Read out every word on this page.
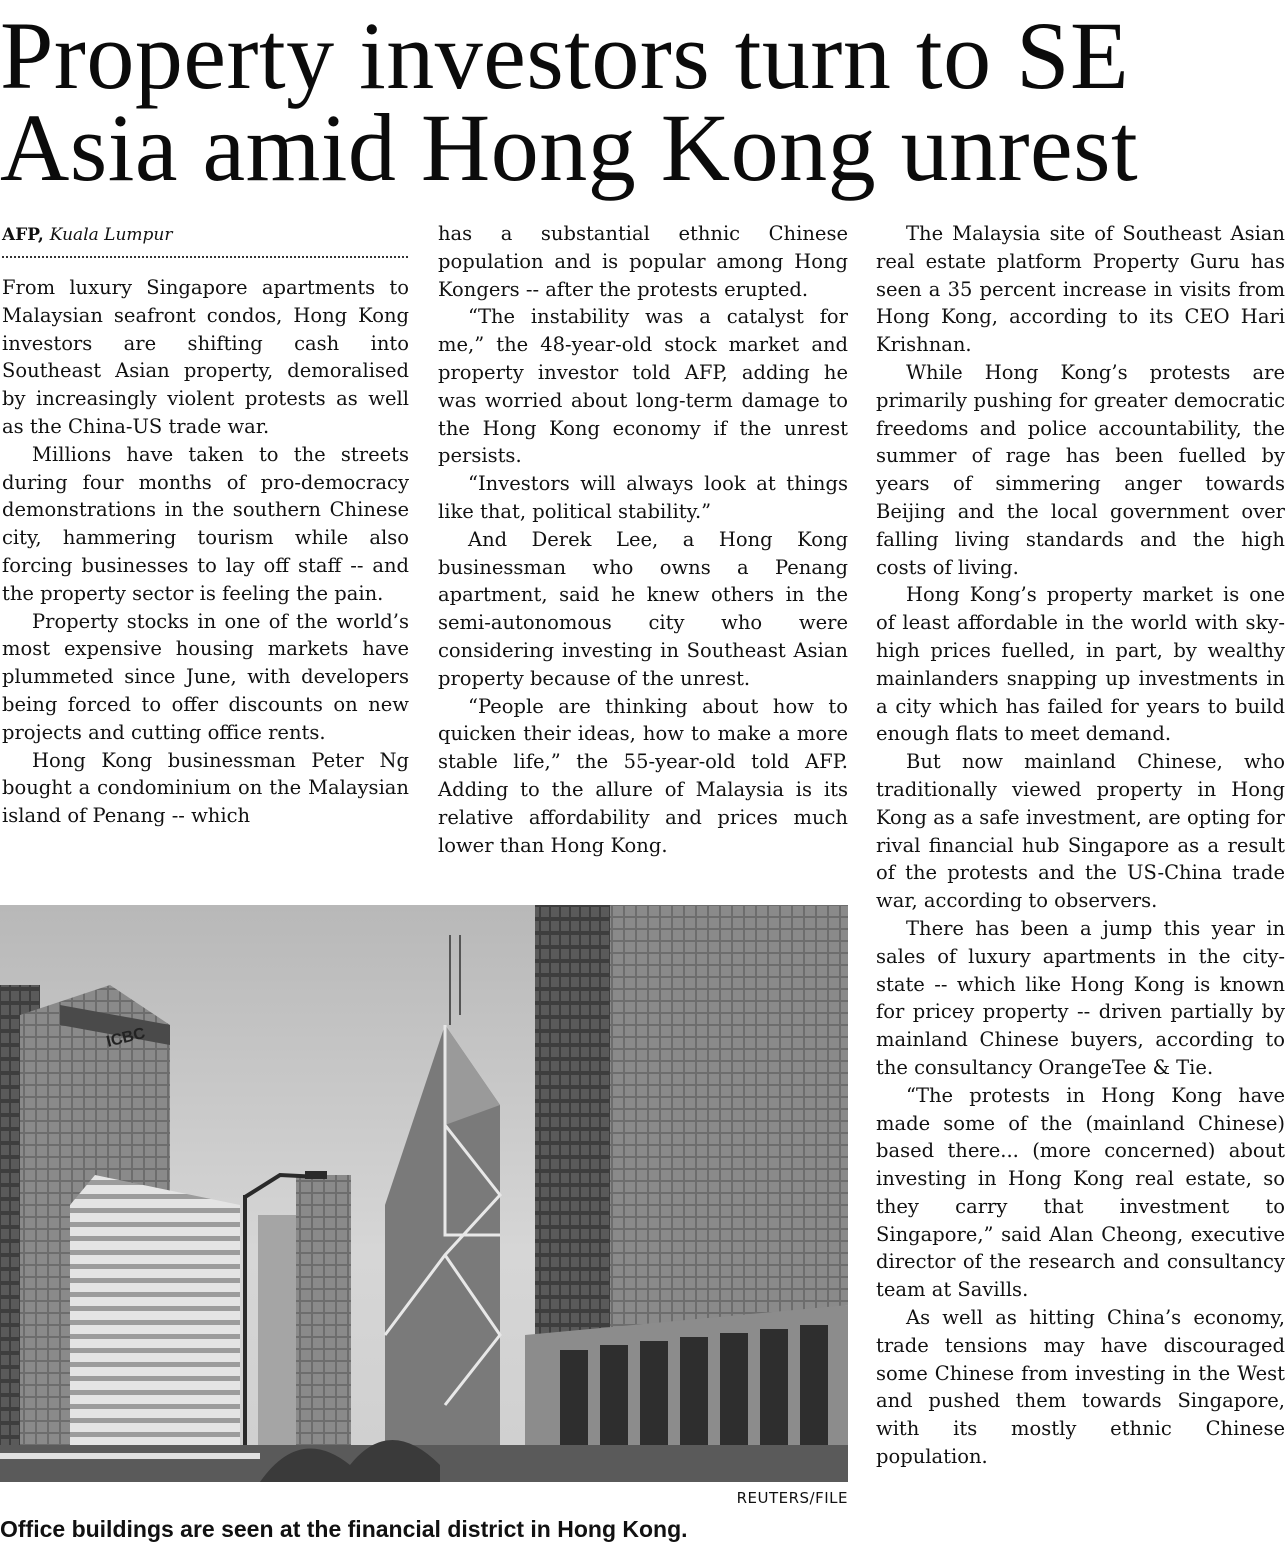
Property investors turn to SE Asia amid Hong Kong unrest
AFP, Kuala Lumpur

From luxury Singapore apartments to Malaysian seafront condos, Hong Kong investors are shifting cash into Southeast Asian property, demoralised by increasingly violent protests as well as the China-US trade war.

Millions have taken to the streets during four months of pro-democracy demonstrations in the southern Chinese city, hammering tourism while also forcing businesses to lay off staff -- and the property sector is feeling the pain.

Property stocks in one of the world’s most expensive housing markets have plummeted since June, with developers being forced to offer discounts on new projects and cutting office rents.

Hong Kong businessman Peter Ng bought a condominium on the Malaysian island of Penang -- which

has a substantial ethnic Chinese population and is popular among Hong Kongers -- after the protests erupted.

“The instability was a catalyst for me,” the 48-year-old stock market and property investor told AFP, adding he was worried about long-term damage to the Hong Kong economy if the unrest persists.

“Investors will always look at things like that, political stability.”

And Derek Lee, a Hong Kong businessman who owns a Penang apartment, said he knew others in the semi-autonomous city who were considering investing in Southeast Asian property because of the unrest.

“People are thinking about how to quicken their ideas, how to make a more stable life,” the 55-year-old told AFP. Adding to the allure of Malaysia is its relative affordability and prices much lower than Hong Kong.

The Malaysia site of Southeast Asian real estate platform Property Guru has seen a 35 percent increase in visits from Hong Kong, according to its CEO Hari Krishnan.

While Hong Kong’s protests are primarily pushing for greater democratic freedoms and police accountability, the summer of rage has been fuelled by years of simmering anger towards Beijing and the local government over falling living standards and the high costs of living.

Hong Kong’s property market is one of least affordable in the world with sky-high prices fuelled, in part, by wealthy mainlanders snapping up investments in a city which has failed for years to build enough flats to meet demand.

But now mainland Chinese, who traditionally viewed property in Hong Kong as a safe investment, are opting for rival financial hub Singapore as a result of the protests and the US-China trade war, according to observers.

There has been a jump this year in sales of luxury apartments in the city-state -- which like Hong Kong is known for pricey property -- driven partially by mainland Chinese buyers, according to the consultancy OrangeTee & Tie.

“The protests in Hong Kong have made some of the (mainland Chinese) based there... (more concerned) about investing in Hong Kong real estate, so they carry that investment to Singapore,” said Alan Cheong, executive director of the research and consultancy team at Savills.

As well as hitting China’s economy, trade tensions may have discouraged some Chinese from investing in the West and pushed them towards Singapore, with its mostly ethnic Chinese population.

ICBC
REUTERS/FILE
Office buildings are seen at the financial district in Hong Kong.
